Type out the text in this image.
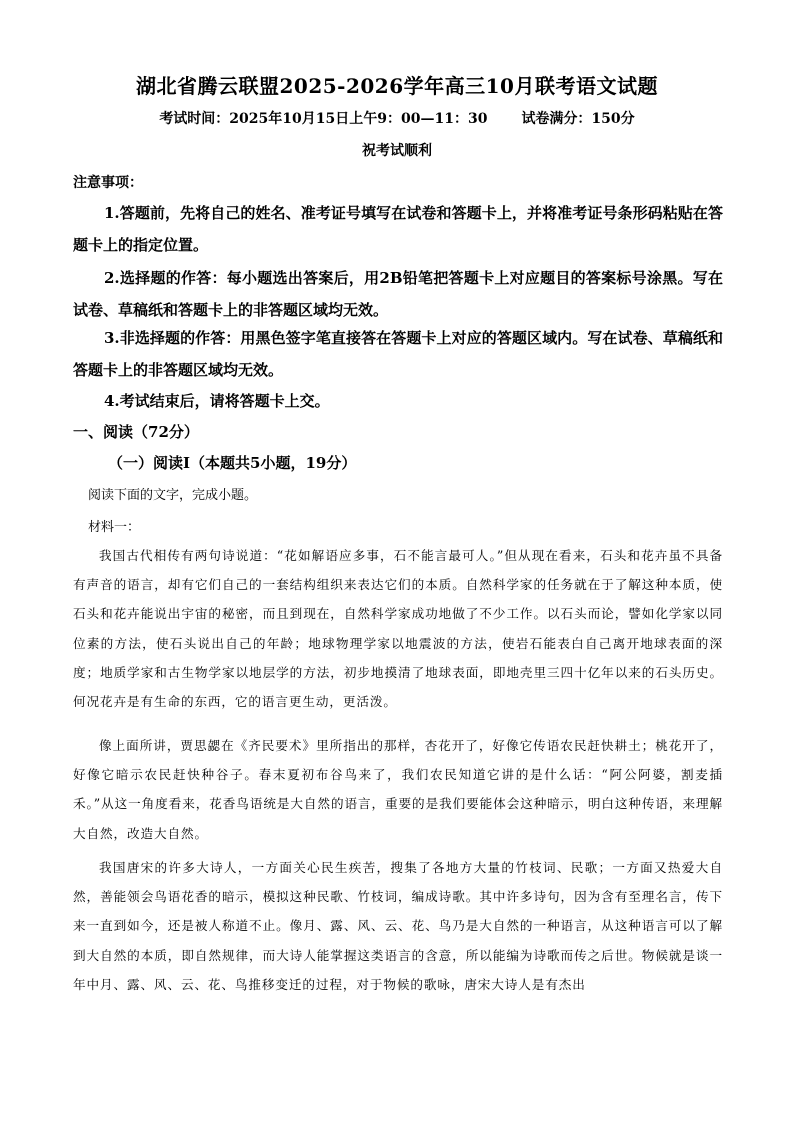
湖北省腾云联盟2025-2026学年高三10月联考语文试题
考试时间：2025年10月15日上午9：00—11：30 试卷满分：150分
祝考试顺利
注意事项：
1.答题前，先将自己的姓名、准考证号填写在试卷和答题卡上，并将准考证号条形码粘贴在答题卡上的指定位置。
2.选择题的作答：每小题选出答案后，用2B铅笔把答题卡上对应题目的答案标号涂黑。写在试卷、草稿纸和答题卡上的非答题区域均无效。
3.非选择题的作答：用黑色签字笔直接答在答题卡上对应的答题区域内。写在试卷、草稿纸和答题卡上的非答题区域均无效。
4.考试结束后，请将答题卡上交。
一、阅读（72分）
（一）阅读Ⅰ（本题共5小题，19分）
阅读下面的文字，完成小题。
材料一：
我国古代相传有两句诗说道：“花如解语应多事，石不能言最可人。”但从现在看来，石头和花卉虽不具备有声音的语言，却有它们自己的一套结构组织来表达它们的本质。自然科学家的任务就在于了解这种本质，使石头和花卉能说出宇宙的秘密，而且到现在，自然科学家成功地做了不少工作。以石头而论，譬如化学家以同位素的方法，使石头说出自己的年龄；地球物理学家以地震波的方法，使岩石能表白自己离开地球表面的深度；地质学家和古生物学家以地层学的方法，初步地摸清了地球表面，即地壳里三四十亿年以来的石头历史。何况花卉是有生命的东西，它的语言更生动，更活泼。
像上面所讲，贾思勰在《齐民要术》里所指出的那样，杏花开了，好像它传语农民赶快耕土；桃花开了，好像它暗示农民赶快种谷子。春末夏初布谷鸟来了，我们农民知道它讲的是什么话：“阿公阿婆，割麦插禾。”从这一角度看来，花香鸟语统是大自然的语言，重要的是我们要能体会这种暗示，明白这种传语，来理解大自然，改造大自然。
我国唐宋的许多大诗人，一方面关心民生疾苦，搜集了各地方大量的竹枝词、民歌；一方面又热爱大自然，善能领会鸟语花香的暗示，模拟这种民歌、竹枝词，编成诗歌。其中许多诗句，因为含有至理名言，传下来一直到如今，还是被人称道不止。像月、露、风、云、花、鸟乃是大自然的一种语言，从这种语言可以了解到大自然的本质，即自然规律，而大诗人能掌握这类语言的含意，所以能编为诗歌而传之后世。物候就是谈一年中月、露、风、云、花、鸟推移变迁的过程，对于物候的歌咏，唐宋大诗人是有杰出
